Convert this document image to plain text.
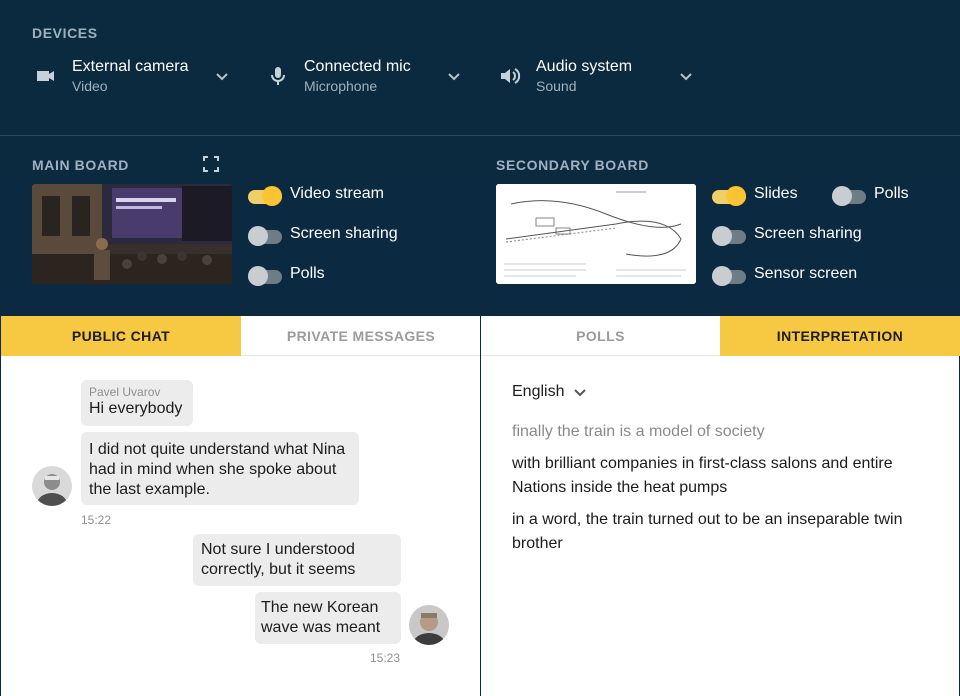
DEVICES
External camera
Video
Connected mic
Microphone
Audio system
Sound
MAIN BOARD
Video stream
Screen sharing
Polls
SECONDARY BOARD
Slides	Polls
Screen sharing
Sensor screen
PUBLIC CHAT	PRIVATE MESSAGES
Pavel Uvarov
Hi everybody
I did not quite understand what Nina had in mind when she spoke about the last example.
15:22
Not sure I understood correctly, but it seems
The new Korean wave was meant
15:23
POLLS	INTERPRETATION
English
finally the train is a model of society
with brilliant companies in first-class salons and entire Nations inside the heat pumps
in a word, the train turned out to be an inseparable twin brother
